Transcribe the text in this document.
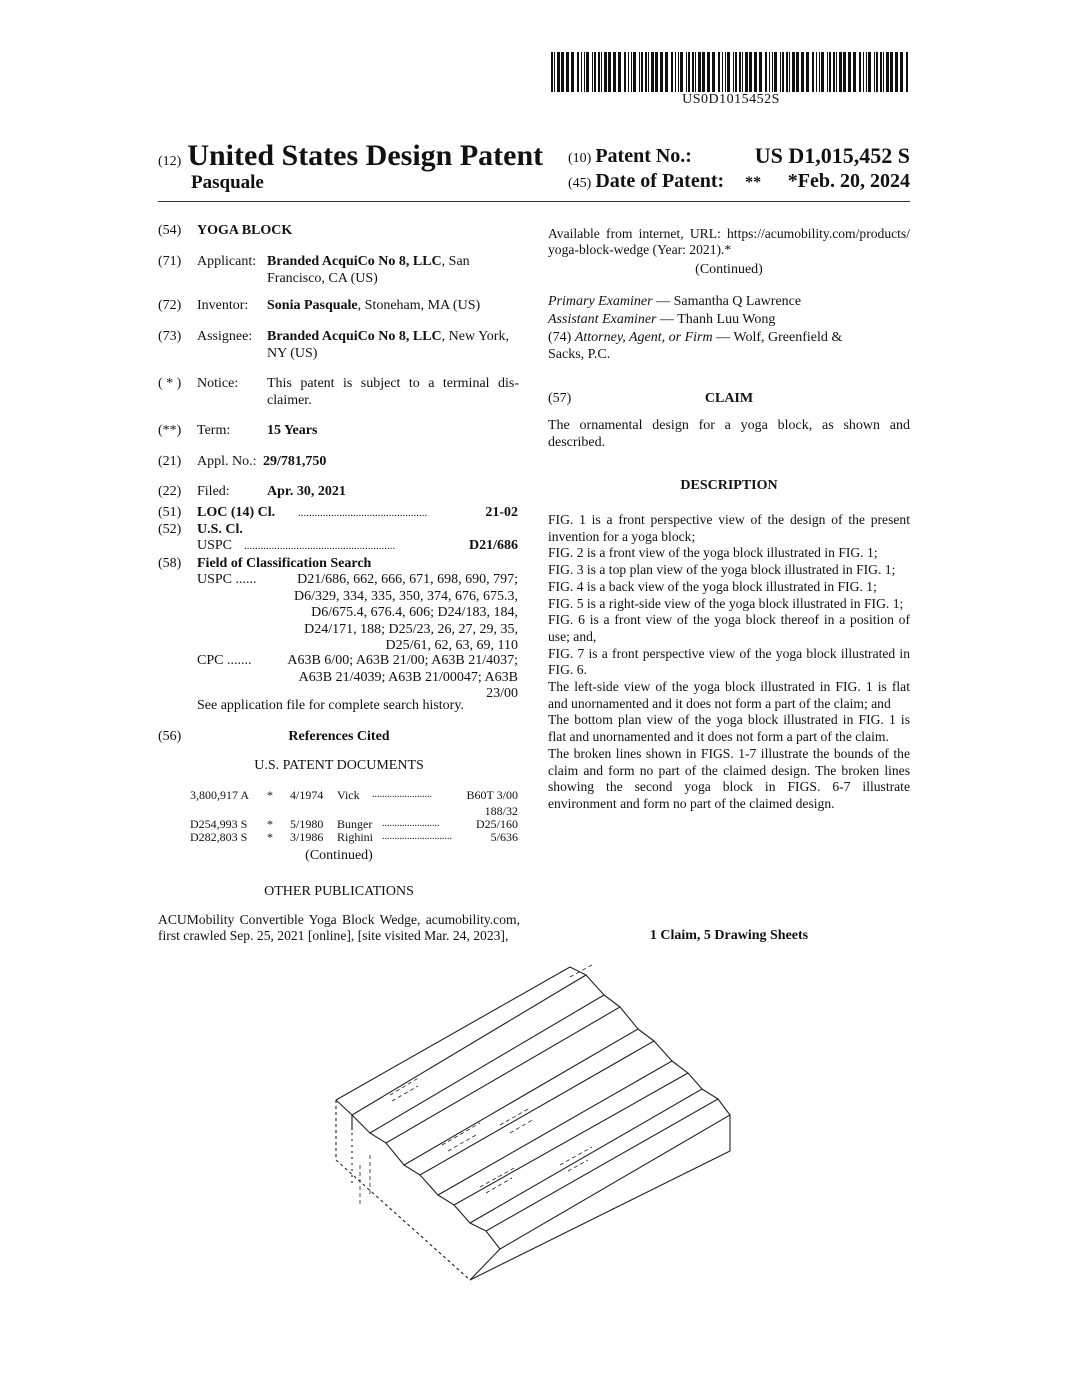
US0D1015452S
(12) United States Design Patent
Pasquale
(10) Patent No.:	US D1,015,452 S
(45) Date of Patent: ** *Feb. 20, 2024
(54) YOGA BLOCK
(71) Applicant: Branded AcquiCo No 8, LLC, San Francisco, CA (US)
(72) Inventor: Sonia Pasquale, Stoneham, MA (US)
(73) Assignee: Branded AcquiCo No 8, LLC, New York, NY (US)
( * ) Notice: This patent is subject to a terminal dis-claimer.
(**) Term:	15 Years
(21) Appl. No.: 29/781,750
(22) Filed:	Apr. 30, 2021
(51) LOC (14) Cl. ...............................................	21-02
(52) U.S. Cl.
USPC .......................................................	D21/686
(58) Field of Classification Search
USPC ......	D21/686, 662, 666, 671, 698, 690, 797;
D6/329, 334, 335, 350, 374, 676, 675.3,
D6/675.4, 676.4, 606; D24/183, 184,
D24/171, 188; D25/23, 26, 27, 29, 35,
D25/61, 62, 63, 69, 110
CPC .......	A63B 6/00; A63B 21/00; A63B 21/4037;
A63B 21/4039; A63B 21/00047; A63B
23/00
See application file for complete search history.
(56)	References Cited
U.S. PATENT DOCUMENTS
3,800,917 A * 4/1974 Vick ........................	B60T 3/00
188/32
D254,993 S * 5/1980 Bunger .......................	D25/160
D282,803 S * 3/1986 Righini ............................	5/636
(Continued)
OTHER PUBLICATIONS
ACUMobility Convertible Yoga Block Wedge, acumobility.com,
first crawled Sep. 25, 2021 [online], [site visited Mar. 24, 2023],
Available from internet, URL: https://acumobility.com/products/
yoga-block-wedge (Year: 2021).*
(Continued)
Primary Examiner — Samantha Q Lawrence
Assistant Examiner — Thanh Luu Wong
(74) Attorney, Agent, or Firm — Wolf, Greenfield &
Sacks, P.C.
(57)	CLAIM
The ornamental design for a yoga block, as shown and described.
DESCRIPTION
FIG. 1 is a front perspective view of the design of the present invention for a yoga block;
FIG. 2 is a front view of the yoga block illustrated in FIG. 1;
FIG. 3 is a top plan view of the yoga block illustrated in FIG. 1;
FIG. 4 is a back view of the yoga block illustrated in FIG. 1;
FIG. 5 is a right-side view of the yoga block illustrated in FIG. 1;
FIG. 6 is a front view of the yoga block thereof in a position of use; and,
FIG. 7 is a front perspective view of the yoga block illustrated in FIG. 6.
The left-side view of the yoga block illustrated in FIG. 1 is flat and unornamented and it does not form a part of the claim; and
The bottom plan view of the yoga block illustrated in FIG. 1 is flat and unornamented and it does not form a part of the claim.
The broken lines shown in FIGS. 1-7 illustrate the bounds of the claim and form no part of the claimed design. The broken lines showing the second yoga block in FIGS. 6-7 illustrate environment and form no part of the claimed design.
1 Claim, 5 Drawing Sheets
